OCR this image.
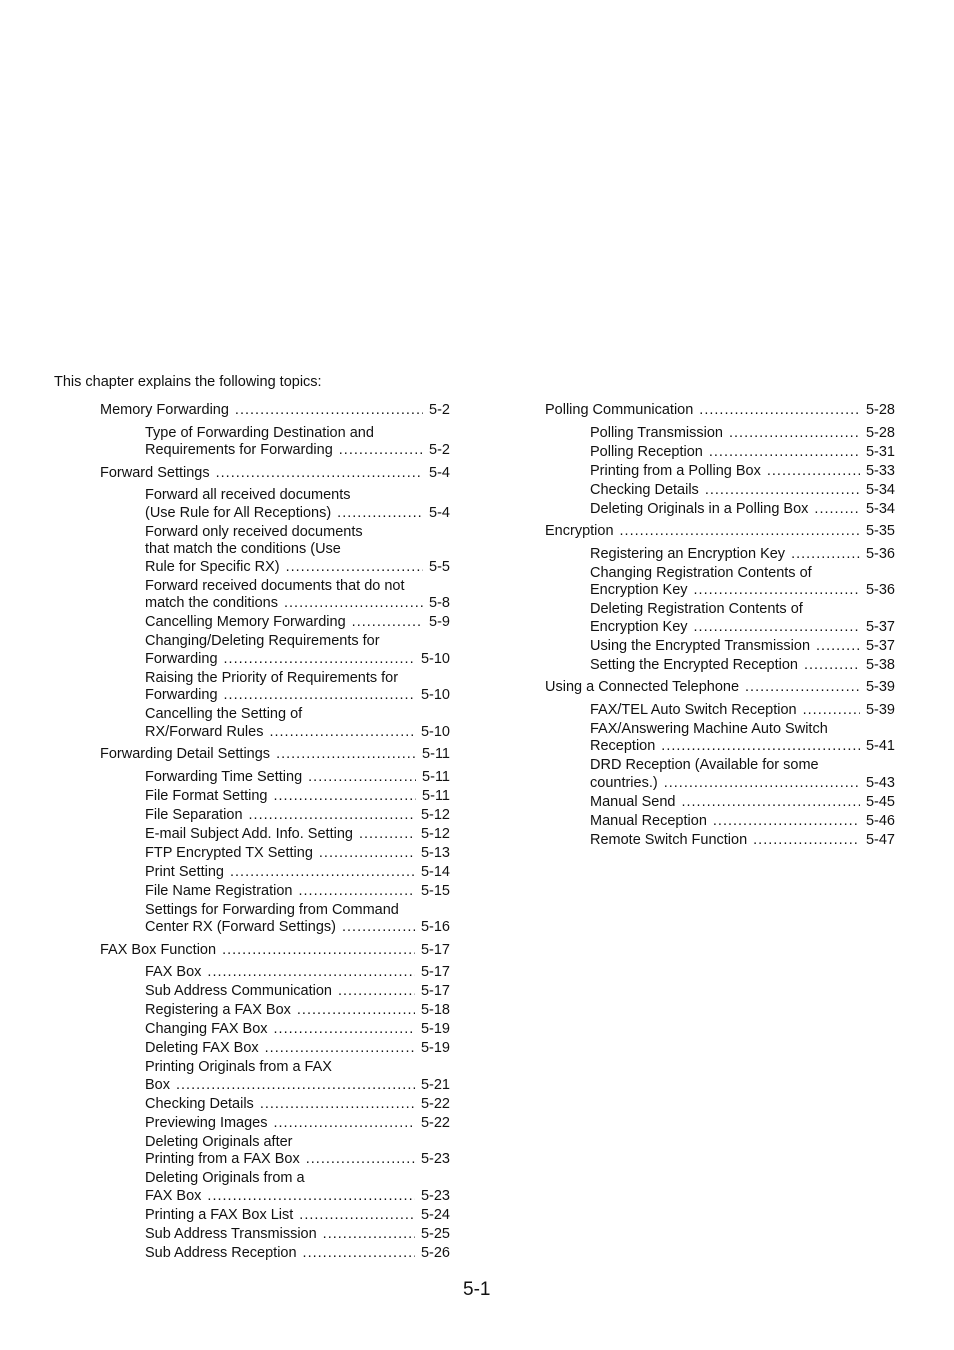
This chapter explains the following topics:
Memory Forwarding .....	5-2
Type of Forwarding Destination and
Requirements for Forwarding .....	5-2
Forward Settings .....	5-4
Forward all received documents
(Use Rule for All Receptions) .....	5-4
Forward only received documents
that match the conditions (Use
Rule for Specific RX) .....	5-5
Forward received documents that do not
match the conditions .....	5-8
Cancelling Memory Forwarding .....	5-9
Changing/Deleting Requirements for
Forwarding .....	5-10
Raising the Priority of Requirements for
Forwarding .....	5-10
Cancelling the Setting of
RX/Forward Rules .....	5-10
Forwarding Detail Settings .....	5-11
Forwarding Time Setting .....	5-11
File Format Setting .....	5-11
File Separation .....	5-12
E-mail Subject Add. Info. Setting .....	5-12
FTP Encrypted TX Setting .....	5-13
Print Setting .....	5-14
File Name Registration .....	5-15
Settings for Forwarding from Command
Center RX (Forward Settings) .....	5-16
FAX Box Function .....	5-17
FAX Box .....	5-17
Sub Address Communication .....	5-17
Registering a FAX Box .....	5-18
Changing FAX Box .....	5-19
Deleting FAX Box .....	5-19
Printing Originals from a FAX
Box .....	5-21
Checking Details .....	5-22
Previewing Images .....	5-22
Deleting Originals after
Printing from a FAX Box .....	5-23
Deleting Originals from a
FAX Box .....	5-23
Printing a FAX Box List .....	5-24
Sub Address Transmission .....	5-25
Sub Address Reception .....	5-26
Polling Communication .....	5-28
Polling Transmission .....	5-28
Polling Reception .....	5-31
Printing from a Polling Box .....	5-33
Checking Details .....	5-34
Deleting Originals in a Polling Box .....	5-34
Encryption .....	5-35
Registering an Encryption Key .....	5-36
Changing Registration Contents of
Encryption Key .....	5-36
Deleting Registration Contents of
Encryption Key .....	5-37
Using the Encrypted Transmission .....	5-37
Setting the Encrypted Reception .....	5-38
Using a Connected Telephone .....	5-39
FAX/TEL Auto Switch Reception .....	5-39
FAX/Answering Machine Auto Switch
Reception .....	5-41
DRD Reception (Available for some
countries.) .....	5-43
Manual Send .....	5-45
Manual Reception .....	5-46
Remote Switch Function .....	5-47
5-1
